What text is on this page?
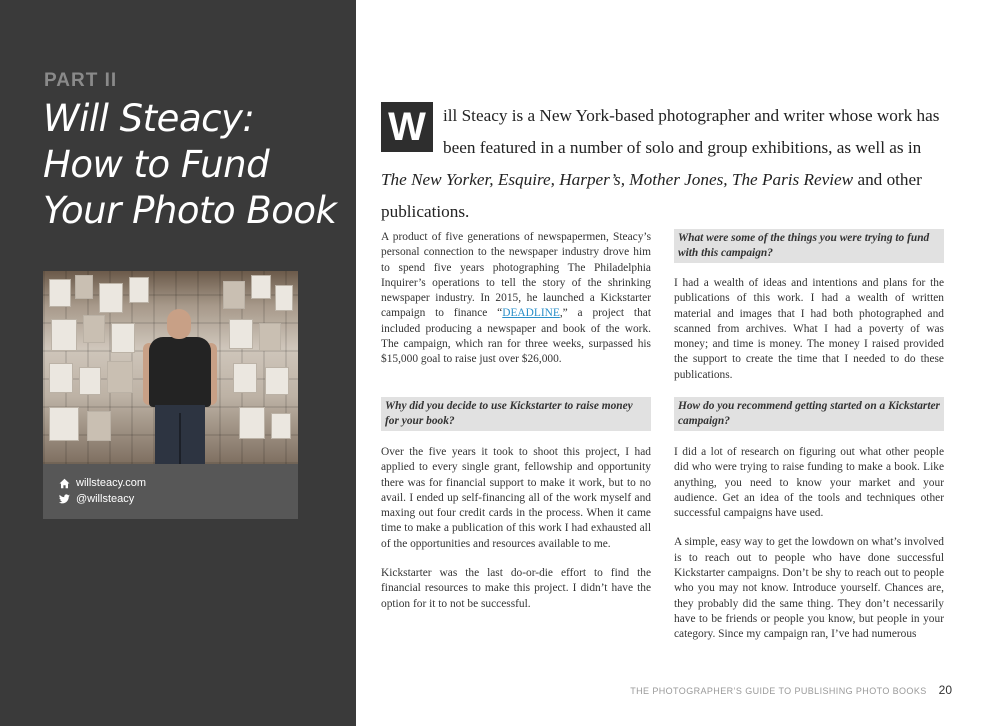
PART II
Will Steacy:
How to Fund
Your Photo Book
willsteacy.com
@willsteacy
W ill Steacy is a New York-based photographer and writer whose work has been featured in a number of solo and group exhibitions, as well as in The New Yorker, Esquire, Harper’s, Mother Jones, The Paris Review and other publications.

A product of five generations of newspapermen, Steacy’s personal connection to the newspaper industry drove him to spend five years photographing The Philadelphia Inquirer’s operations to tell the story of the shrinking newspaper industry. In 2015, he launched a Kickstarter campaign to finance “DEADLINE,” a project that included producing a newspaper and book of the work. The campaign, which ran for three weeks, surpassed his $15,000 goal to raise just over $26,000.

Why did you decide to use Kickstarter to raise money for your book?

Over the five years it took to shoot this project, I had applied to every single grant, fellowship and opportunity there was for financial support to make it work, but to no avail. I ended up self-financing all of the work myself and maxing out four credit cards in the process. When it came time to make a publication of this work I had exhausted all of the opportunities and resources available to me.

Kickstarter was the last do-or-die effort to find the financial resources to make this project. I didn’t have the option for it to not be successful.

What were some of the things you were trying to fund with this campaign?

I had a wealth of ideas and intentions and plans for the publications of this work. I had a wealth of written material and images that I had both photographed and scanned from archives. What I had a poverty of was money; and time is money. The money I raised provided the support to create the time that I needed to do these publications.

How do you recommend getting started on a Kickstarter campaign?

I did a lot of research on figuring out what other people did who were trying to raise funding to make a book. Like anything, you need to know your market and your audience. Get an idea of the tools and techniques other successful campaigns have used.

A simple, easy way to get the lowdown on what’s involved is to reach out to people who have done successful Kickstarter campaigns. Don’t be shy to reach out to people who you may not know. Introduce yourself. Chances are, they probably did the same thing. They don’t necessarily have to be friends or people you know, but people in your category. Since my campaign ran, I’ve had numerous

THE PHOTOGRAPHER’S GUIDE TO PUBLISHING PHOTO BOOKS 20
